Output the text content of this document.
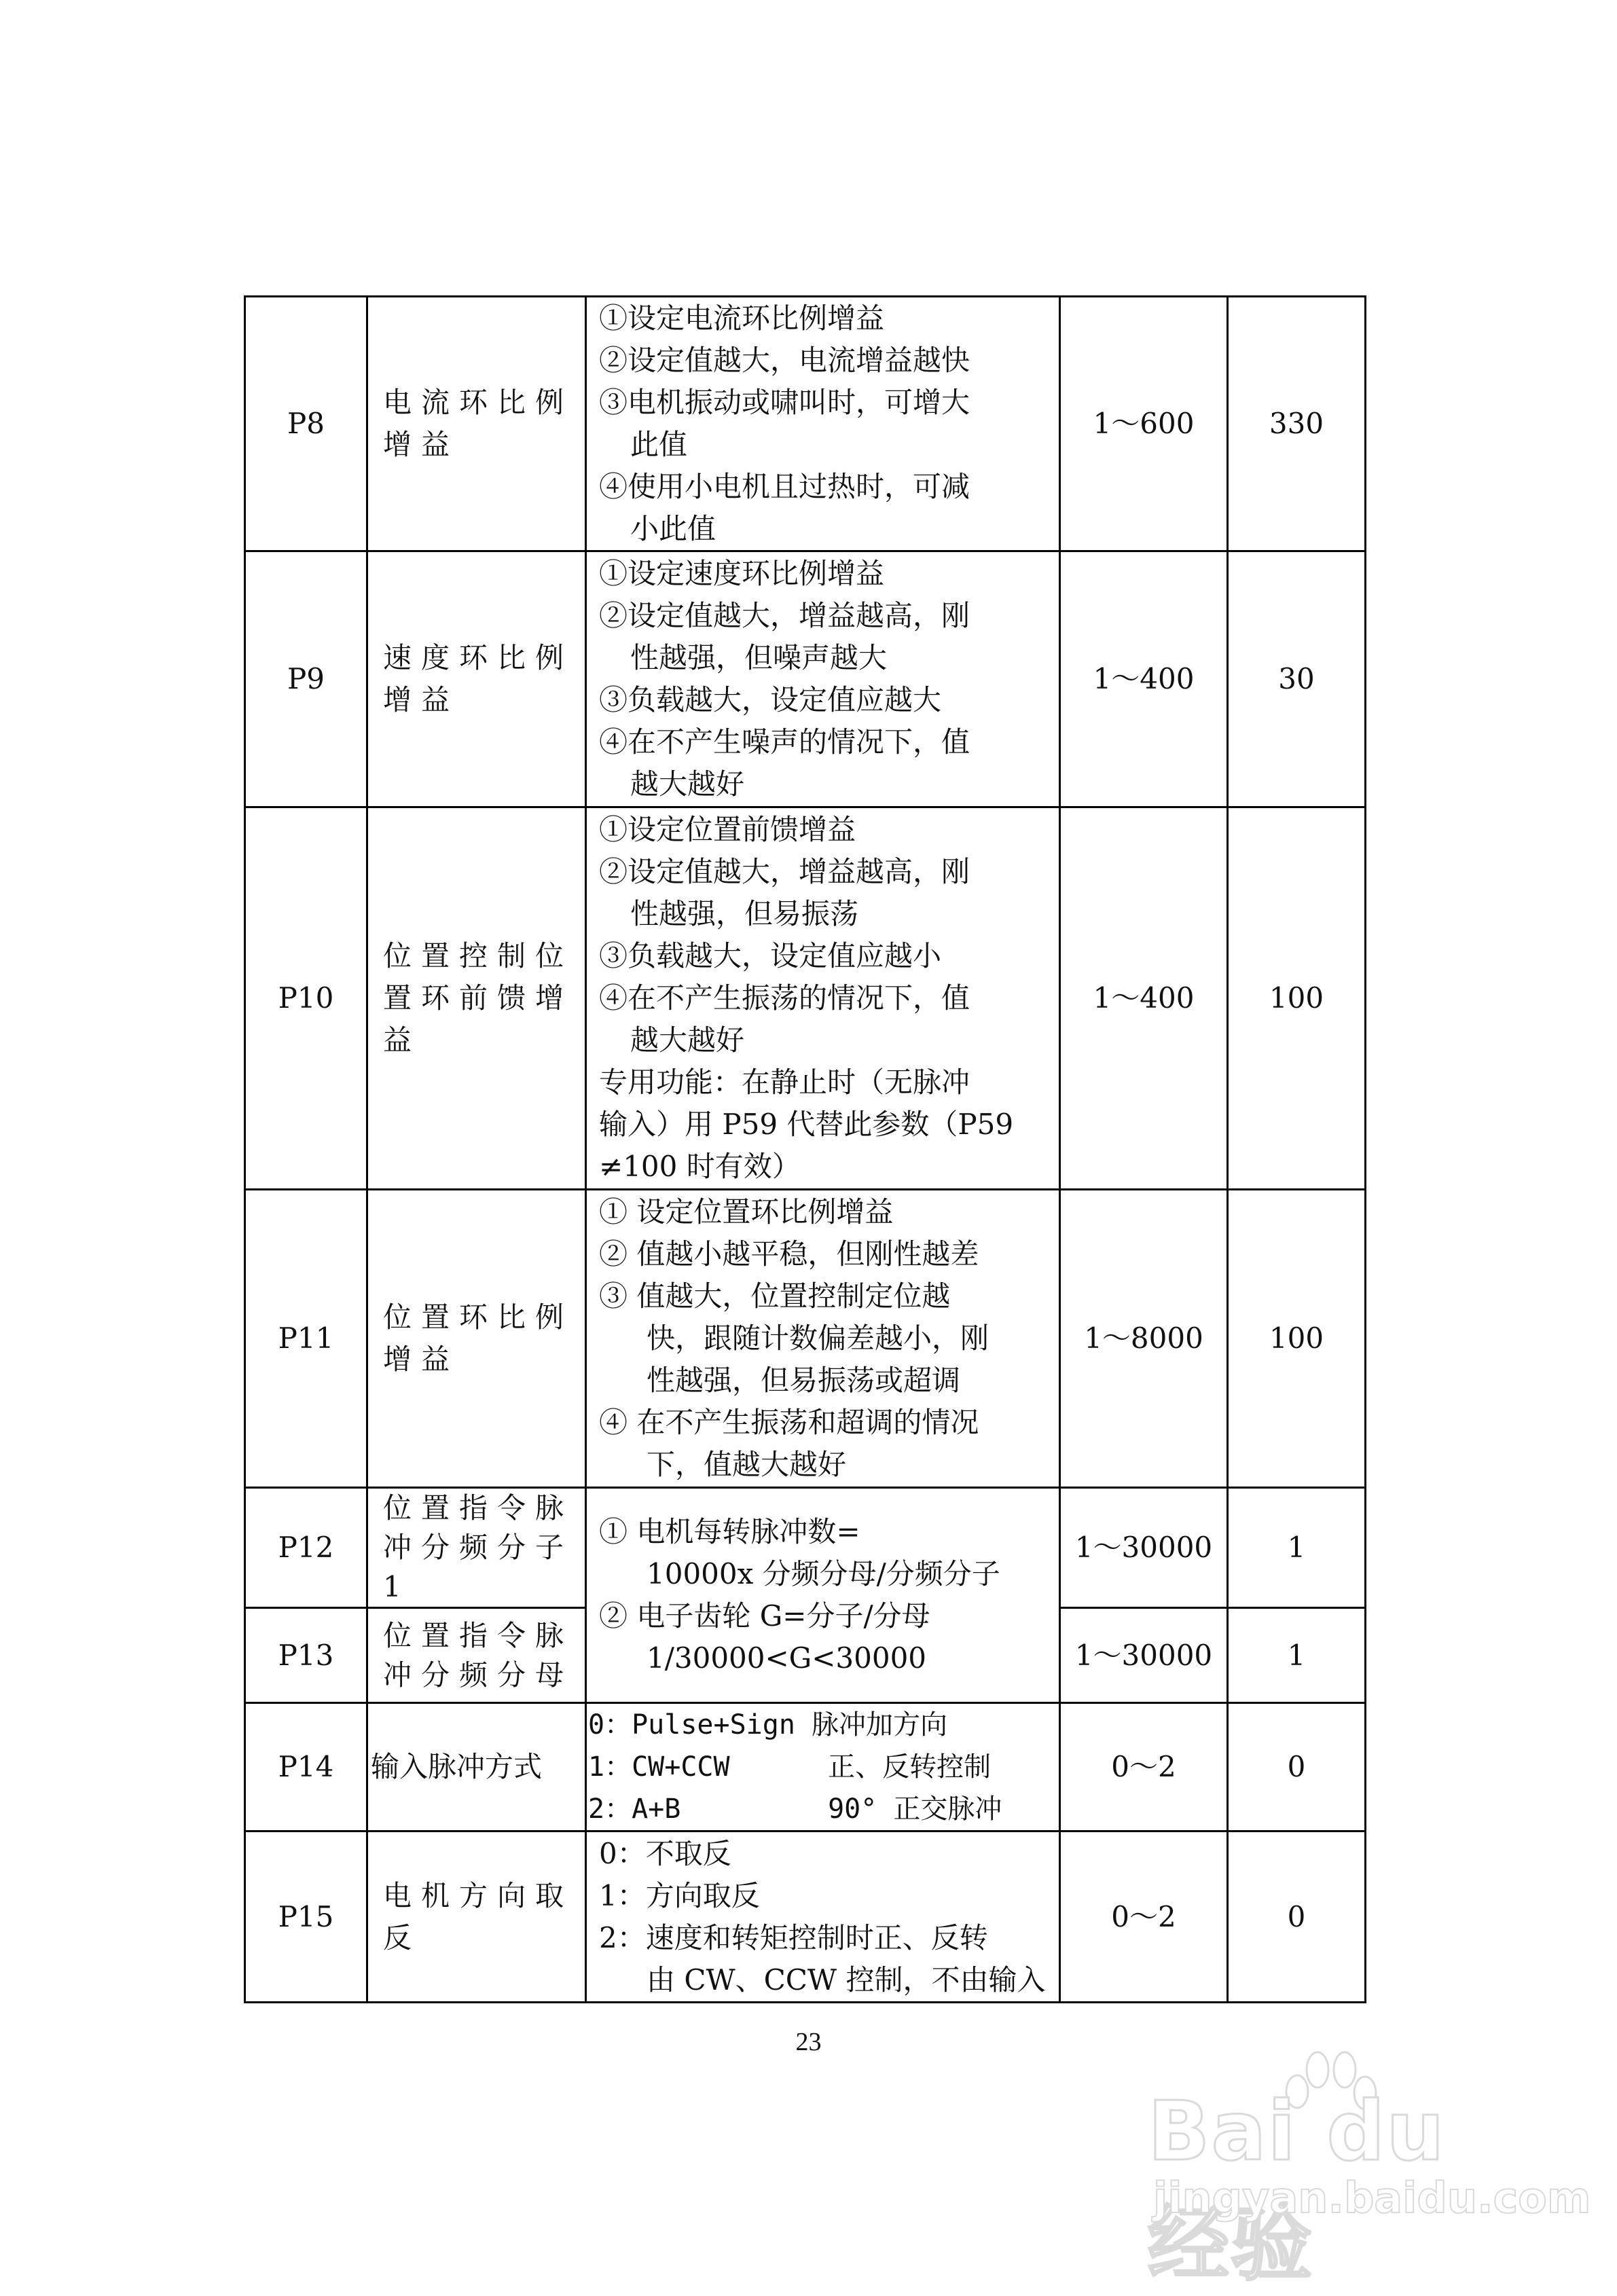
P8	电流环比例增益	
①设定电流环比例增益
②设定值越大，电流增益越快
③电机振动或啸叫时，可增大
此值
④使用小电机且过热时，可减
小此值
	1～600	330
P9	速度环比例增益	
①设定速度环比例增益
②设定值越大，增益越高，刚
性越强，但噪声越大
③负载越大，设定值应越大
④在不产生噪声的情况下，值
越大越好
	1～400	30
P10	位置控制位置环前馈增益	
①设定位置前馈增益
②设定值越大，增益越高，刚
性越强，但易振荡
③负载越大，设定值应越小
④在不产生振荡的情况下，值
越大越好
专用功能：在静止时（无脉冲
输入）用 P59 代替此参数（P59
≠100 时有效）
	1～400	100
P11	位置环比例增益	
① 设定位置环比例增益
② 值越小越平稳，但刚性越差
③ 值越大，位置控制定位越
快，跟随计数偏差越小，刚
性越强，但易振荡或超调
④ 在不产生振荡和超调的情况
下，值越大越好
	1～8000	100
P12	位置指令脉冲分频分子 1	① 电机每转脉冲数=
10000x 分频分母/分频分子
② 电子齿轮 G=分子/分母
1/30000<G<30000	1～30000	1
P13	位置指令脉冲分频分母		1～30000	1
P14	输入脉冲方式	0：Pulse+Sign 脉冲加方向
1：CW+CCW      正、反转控制
2：A+B         90° 正交脉冲	0～2	0
P15	电机方向取反	0：不取反
1：方向取反
2：速度和转矩控制时正、反转
由 CW、CCW 控制，不由输入	0～2	0
23
Bai du 经验
jingyan.baidu.com
